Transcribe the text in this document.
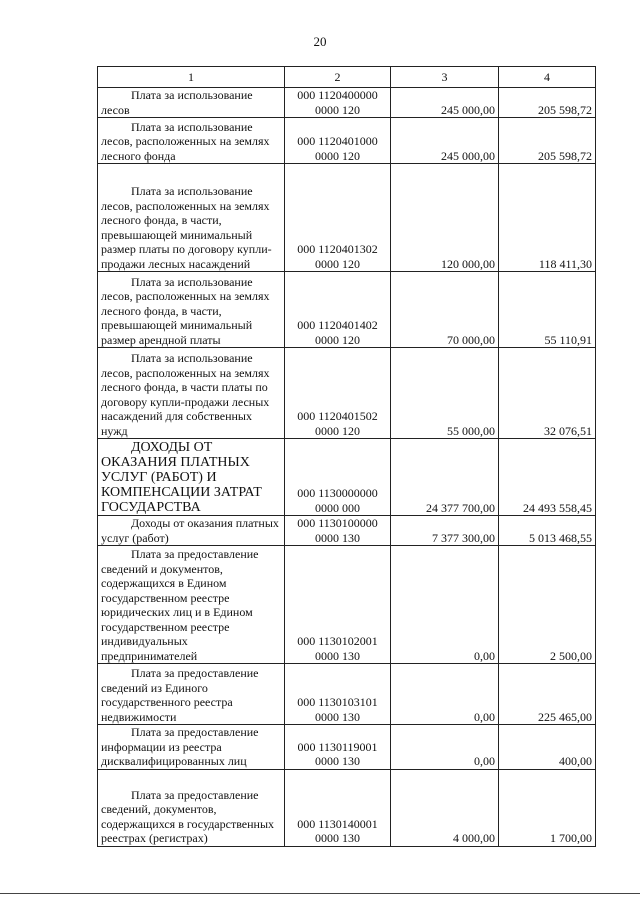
20
1	2	3	4

Плата за использование лесов	000 1120400000 0000 120	245 000,00	205 598,72

Плата за использование лесов, расположенных на землях лесного фонда	000 1120401000 0000 120	245 000,00	205 598,72

Плата за использование лесов, расположенных на землях лесного фонда, в части, превышающей минимальный размер платы по договору купли-продажи лесных насаждений	000 1120401302 0000 120	120 000,00	118 411,30

Плата за использование лесов, расположенных на землях лесного фонда, в части, превышающей минимальный размер арендной платы	000 1120401402 0000 120	70 000,00	55 110,91

Плата за использование лесов, расположенных на землях лесного фонда, в части платы по договору купли-продажи лесных насаждений для собственных нужд	000 1120401502 0000 120	55 000,00	32 076,51

ДОХОДЫ ОТ ОКАЗАНИЯ ПЛАТНЫХ УСЛУГ (РАБОТ) И КОМПЕНСАЦИИ ЗАТРАТ ГОСУДАРСТВА	000 1130000000 0000 000	24 377 700,00	24 493 558,45

Доходы от оказания платных услуг (работ)	000 1130100000 0000 130	7 377 300,00	5 013 468,55

Плата за предоставление сведений и документов, содержащихся в Едином государственном реестре юридических лиц и в Едином государственном реестре индивидуальных предпринимателей	000 1130102001 0000 130	0,00	2 500,00

Плата за предоставление сведений из Единого государственного реестра недвижимости	000 1130103101 0000 130	0,00	225 465,00

Плата за предоставление информации из реестра дисквалифицированных лиц	000 1130119001 0000 130	0,00	400,00

Плата за предоставление сведений, документов, содержащихся в государственных реестрах (регистрах)	000 1130140001 0000 130	4 000,00	1 700,00
